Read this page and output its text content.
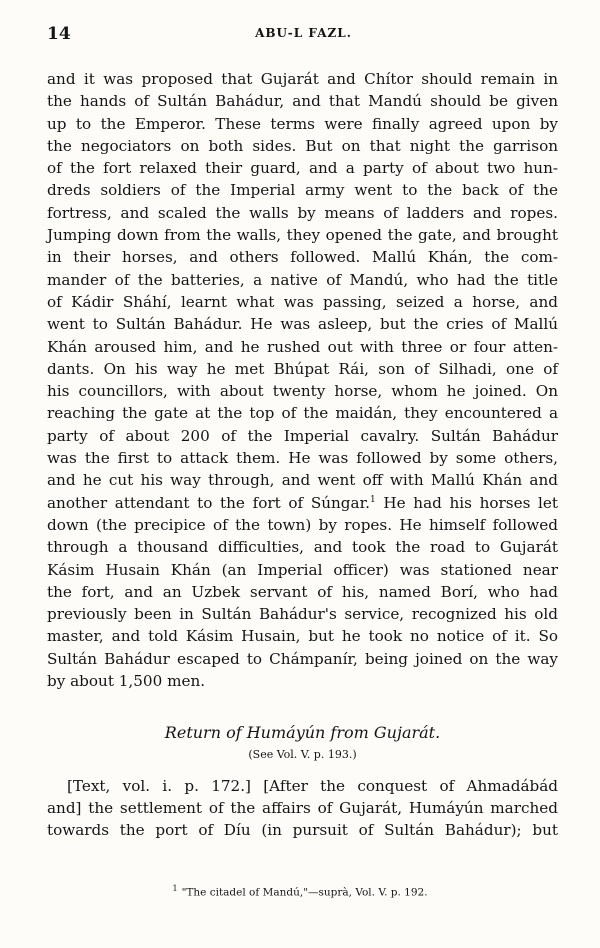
14	ABU-L FAZL.
and it was proposed that Gujarát and Chítor should remain in
the hands of Sultán Bahádur, and that Mandú should be given
up to the Emperor. These terms were finally agreed upon by
the negociators on both sides. But on that night the garrison
of the fort relaxed their guard, and a party of about two hun-
dreds soldiers of the Imperial army went to the back of the
fortress, and scaled the walls by means of ladders and ropes.
Jumping down from the walls, they opened the gate, and brought
in their horses, and others followed. Mallú Khán, the com-
mander of the batteries, a native of Mandú, who had the title
of Kádir Sháhí, learnt what was passing, seized a horse, and
went to Sultán Bahádur. He was asleep, but the cries of Mallú
Khán aroused him, and he rushed out with three or four atten-
dants. On his way he met Bhúpat Rái, son of Silhadi, one of
his councillors, with about twenty horse, whom he joined. On
reaching the gate at the top of the maidán, they encountered a
party of about 200 of the Imperial cavalry. Sultán Bahádur
was the first to attack them. He was followed by some others,
and he cut his way through, and went off with Mallú Khán and
another attendant to the fort of Súngar.$^1$ He had his horses let
down (the precipice of the town) by ropes. He himself followed
through a thousand difficulties, and took the road to Gujarát
Kásim Husain Khán (an Imperial officer) was stationed near
the fort, and an Uzbek servant of his, named Borí, who had
previously been in Sultán Bahádur's service, recognized his old
master, and told Kásim Husain, but he took no notice of it. So
Sultán Bahádur escaped to Chámpanír, being joined on the way
by about 1,500 men.
Return of Humáyún from Gujarát.
(See Vol. V. p. 193.)
[Text, vol. i. p. 172.] [After the conquest of Ahmadábád
and] the settlement of the affairs of Gujarát, Humáyún marched
towards the port of Díu (in pursuit of Sultán Bahádur); but
$^1$ "The citadel of Mandú,"—suprà, Vol. V. p. 192.
